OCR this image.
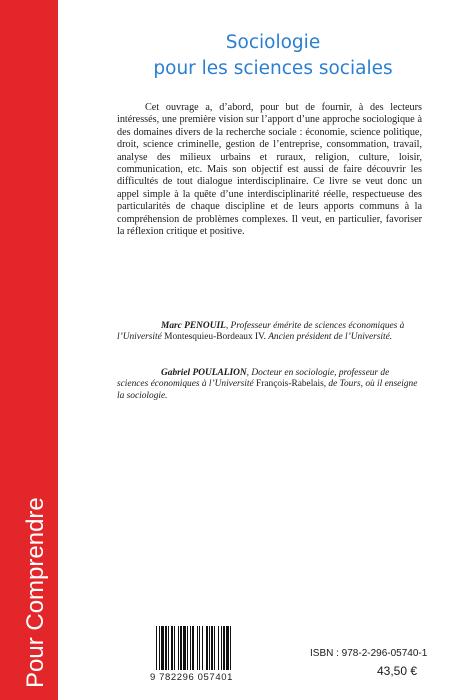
Pour Comprendre
Sociologie
pour les sciences sociales

Cet ouvrage a, d’abord, pour but de fournir, à des lecteurs intéressés, une première vision sur l’apport d’une approche sociologique à des domaines divers de la recherche sociale : économie, science politique, droit, science criminelle, gestion de l’entreprise, consommation, travail, analyse des milieux urbains et ruraux, religion, culture, loisir, communication, etc. Mais son objectif est aussi de faire découvrir les difficultés de tout dialogue interdisciplinaire. Ce livre se veut donc un appel simple à la quête d’une interdisciplinarité réelle, respectueuse des particularités de chaque discipline et de leurs apports communs à la compréhension de problèmes complexes. Il veut, en particulier, favoriser la réflexion critique et positive.

Marc PENOUIL, Professeur émérite de sciences économiques à l’Université Montesquieu-Bordeaux IV. Ancien président de l’Université.

Gabriel POULALION, Docteur en sociologie, professeur de sciences économiques à l’Université François-Rabelais, de Tours, où il enseigne la sociologie.

9 782296 057401
ISBN : 978-2-296-05740-1
43,50 €
